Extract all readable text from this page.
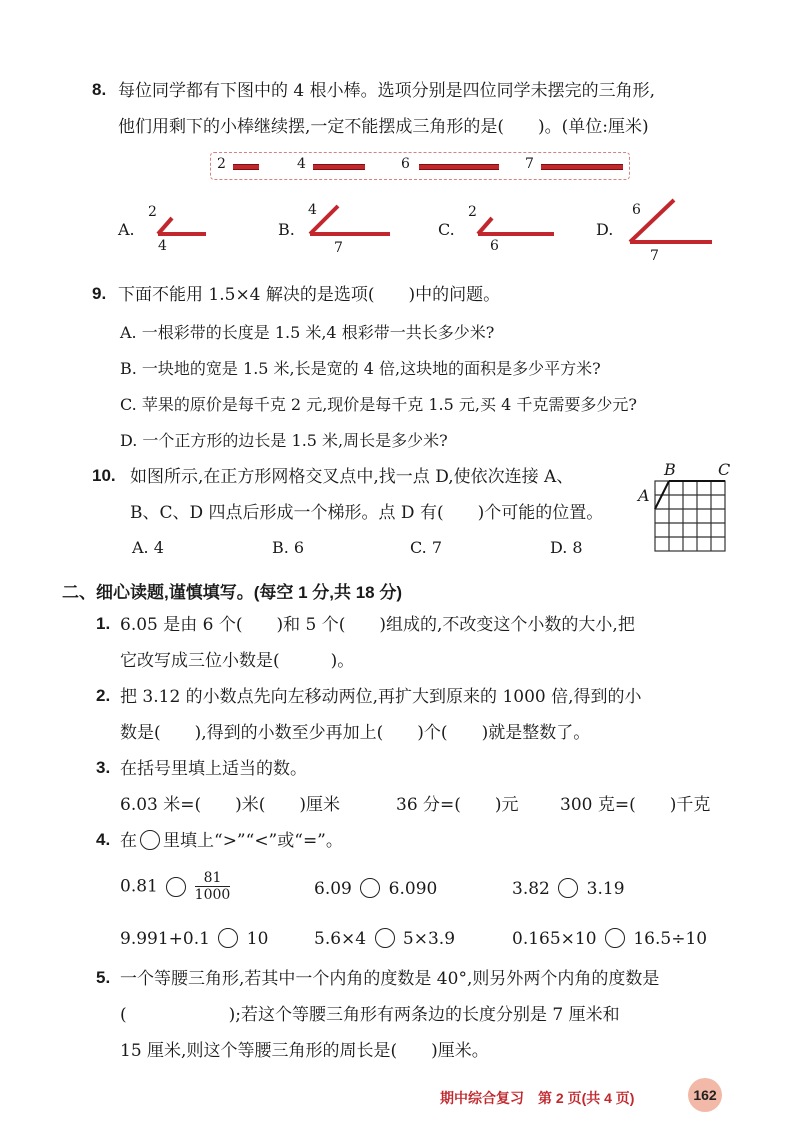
8. 每位同学都有下图中的 4 根小棒。选项分别是四位同学未摆完的三角形,
他们用剩下的小棒继续摆,一定不能摆成三角形的是(　　)。(单位:厘米)
2	4	6	7
A.
2
4
B.
4
7
C.
2
6
D.
6
7
9. 下面不能用 1.5×4 解决的是选项(　　)中的问题。
A. 一根彩带的长度是 1.5 米,4 根彩带一共长多少米?
B. 一块地的宽是 1.5 米,长是宽的 4 倍,这块地的面积是多少平方米?
C. 苹果的原价是每千克 2 元,现价是每千克 1.5 元,买 4 千克需要多少元?
D. 一个正方形的边长是 1.5 米,周长是多少米?
10. 如图所示,在正方形网格交叉点中,找一点 D,使依次连接 A、
B、C、D 四点后形成一个梯形。点 D 有(　　)个可能的位置。
A. 4	B. 6	C. 7	D. 8
A
B	C
二、细心读题,谨慎填写。(每空 1 分,共 18 分)
1. 6.05 是由 6 个(　　)和 5 个(　　)组成的,不改变这个小数的大小,把
它改写成三位小数是(　　　)。
2. 把 3.12 的小数点先向左移动两位,再扩大到原来的 1000 倍,得到的小
数是(　　),得到的小数至少再加上(　　)个(　　)就是整数了。
3. 在括号里填上适当的数。
6.03 米=(　　)米(　　)厘米	36 分=(　　)元 300 克=(　　)千克
4. 在 里填上“>”“<”或“=”。
0.81	$\frac{81}{1000}$	6.09 6.090	3.82 3.19
9.991+0.1 10	5.6×4 5×3.9	0.165×10 16.5÷10
5. 一个等腰三角形,若其中一个内角的度数是 40°,则另外两个内角的度数是
(　　　　　　);若这个等腰三角形有两条边的长度分别是 7 厘米和
15 厘米,则这个等腰三角形的周长是(　　)厘米。
期中综合复习　第 2 页(共 4 页)	162
